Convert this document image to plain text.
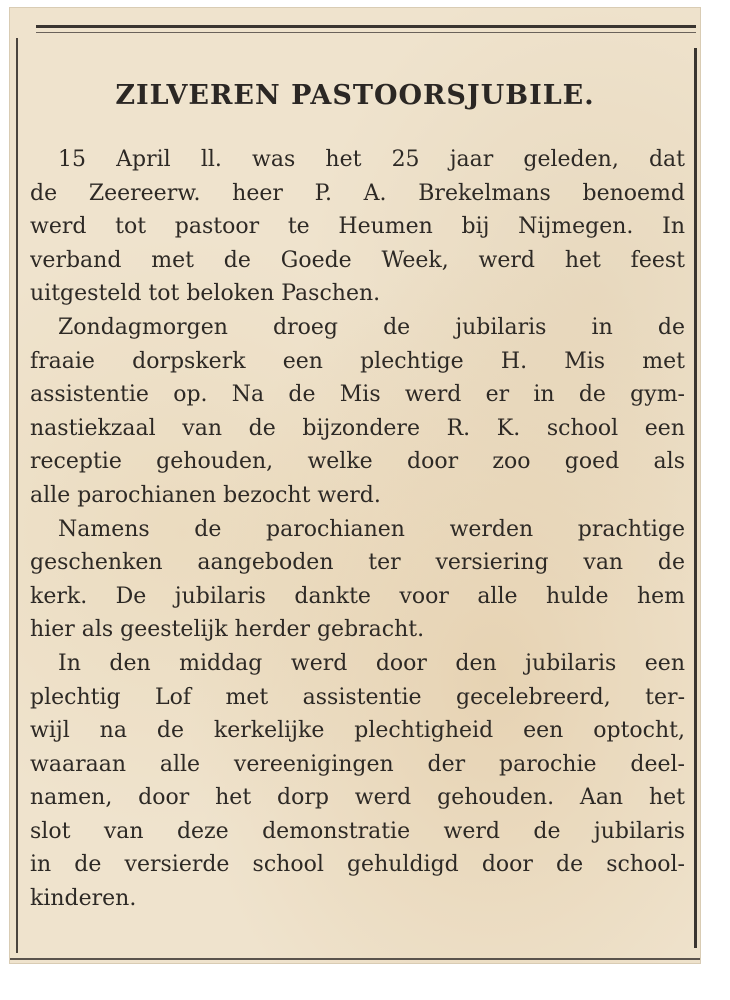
ZILVEREN PASTOORSJUBILE.

15 April ll. was het 25 jaar geleden, dat
de Zeereerw. heer P. A. Brekelmans benoemd
werd tot pastoor te Heumen bij Nijmegen. In
verband met de Goede Week, werd het feest
uitgesteld tot beloken Paschen.

Zondagmorgen droeg de jubilaris in de
fraaie dorpskerk een plechtige H. Mis met
assistentie op. Na de Mis werd er in de gym-
nastiekzaal van de bijzondere R. K. school een
receptie gehouden, welke door zoo goed als
alle parochianen bezocht werd.

Namens de parochianen werden prachtige
geschenken aangeboden ter versiering van de
kerk. De jubilaris dankte voor alle hulde hem
hier als geestelijk herder gebracht.

In den middag werd door den jubilaris een
plechtig Lof met assistentie gecelebreerd, ter-
wijl na de kerkelijke plechtigheid een optocht,
waaraan alle vereenigingen der parochie deel-
namen, door het dorp werd gehouden. Aan het
slot van deze demonstratie werd de jubilaris
in de versierde school gehuldigd door de school-
kinderen.
